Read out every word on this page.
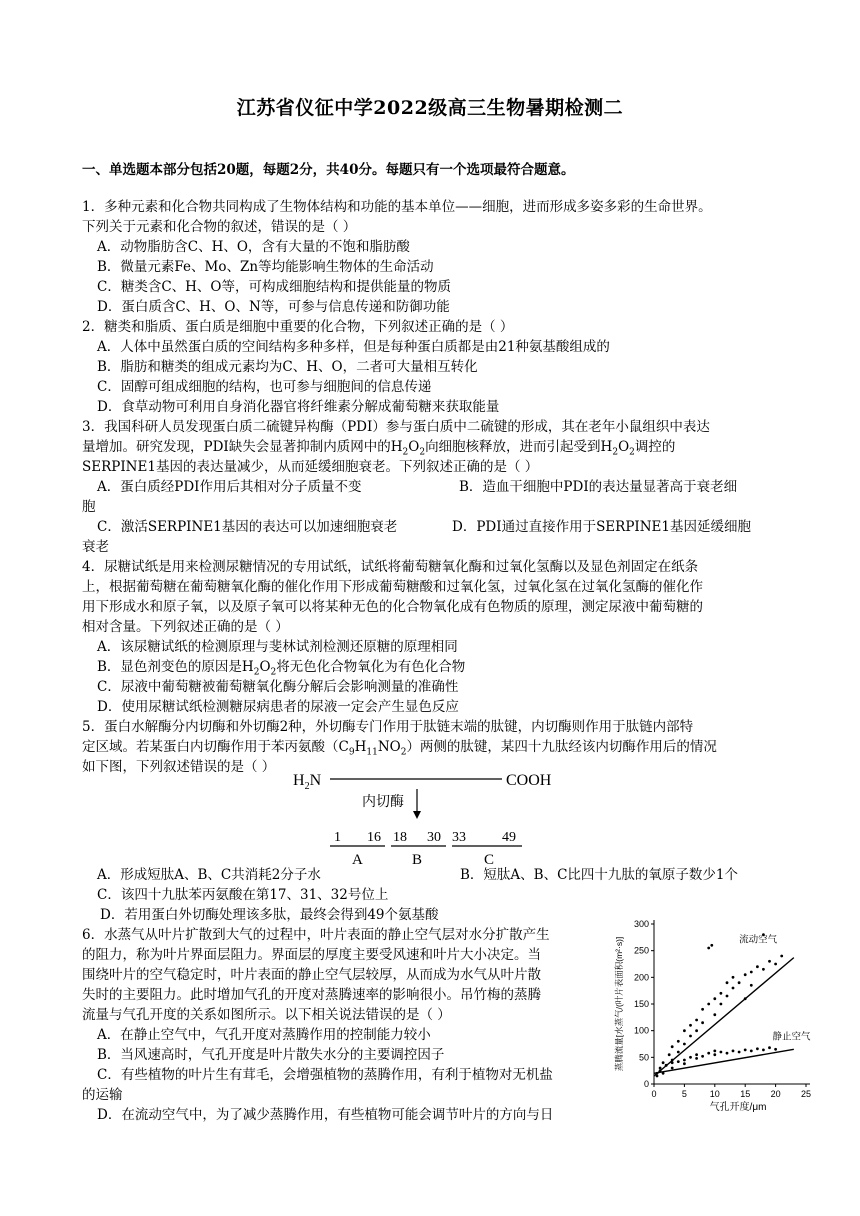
江苏省仪征中学2022级高三生物暑期检测二
一、单选题本部分包括20题，每题2分，共40分。每题只有一个选项最符合题意。
1．多种元素和化合物共同构成了生物体结构和功能的基本单位——细胞，进而形成多姿多彩的生命世界。
下列关于元素和化合物的叙述，错误的是（ ）
A．动物脂肪含C、H、O，含有大量的不饱和脂肪酸
B．微量元素Fe、Mo、Zn等均能影响生物体的生命活动
C．糖类含C、H、O等，可构成细胞结构和提供能量的物质
D．蛋白质含C、H、O、N等，可参与信息传递和防御功能
2．糖类和脂质、蛋白质是细胞中重要的化合物，下列叙述正确的是（ ）
A．人体中虽然蛋白质的空间结构多种多样，但是每种蛋白质都是由21种氨基酸组成的
B．脂肪和糖类的组成元素均为C、H、O，二者可大量相互转化
C．固醇可组成细胞的结构，也可参与细胞间的信息传递
D．食草动物可利用自身消化器官将纤维素分解成葡萄糖来获取能量
3．我国科研人员发现蛋白质二硫键异构酶（PDI）参与蛋白质中二硫键的形成，其在老年小鼠组织中表达
量增加。研究发现，PDI缺失会显著抑制内质网中的$H_2O_2$向细胞核释放，进而引起受到$H_2O_2$调控的
SERPINE1基因的表达量减少，从而延缓细胞衰老。下列叙述正确的是（ ）
A．蛋白质经PDI作用后其相对分子质量不变	B．造血干细胞中PDI的表达量显著高于衰老细
胞
C．激活SERPINE1基因的表达可以加速细胞衰老	D．PDI通过直接作用于SERPINE1基因延缓细胞
衰老
4．尿糖试纸是用来检测尿糖情况的专用试纸，试纸将葡萄糖氧化酶和过氧化氢酶以及显色剂固定在纸条
上，根据葡萄糖在葡萄糖氧化酶的催化作用下形成葡萄糖酸和过氧化氢，过氧化氢在过氧化氢酶的催化作
用下形成水和原子氧，以及原子氧可以将某种无色的化合物氧化成有色物质的原理，测定尿液中葡萄糖的
相对含量。下列叙述正确的是（ ）
A．该尿糖试纸的检测原理与斐林试剂检测还原糖的原理相同
B．显色剂变色的原因是$H_2O_2$将无色化合物氧化为有色化合物
C．尿液中葡萄糖被葡萄糖氧化酶分解后会影响测量的准确性
D．使用尿糖试纸检测糖尿病患者的尿液一定会产生显色反应
5．蛋白水解酶分内切酶和外切酶2种，外切酶专门作用于肽链末端的肽键，内切酶则作用于肽链内部特
定区域。若某蛋白内切酶作用于苯丙氨酸$(C_9H_{11}NO_2)$两侧的肽键，某四十九肽经该内切酶作用后的情况
如下图，下列叙述错误的是（ ）
$H_2N$	COOH
内切酶
1 16 18 30 33	49
A	B	C
A．形成短肽A、B、C共消耗2分子水	B．短肽A、B、C比四十九肽的氧原子数少1个
C．该四十九肽苯丙氨酸在第17、31、32号位上
D．若用蛋白外切酶处理该多肽，最终会得到49个氨基酸
6．水蒸气从叶片扩散到大气的过程中，叶片表面的静止空气层对水分扩散产生
的阻力，称为叶片界面层阻力。界面层的厚度主要受风速和叶片大小决定。当
围绕叶片的空气稳定时，叶片表面的静止空气层较厚，从而成为水气从叶片散
失时的主要阻力。此时增加气孔的开度对蒸腾速率的影响很小。吊竹梅的蒸腾
流量与气孔开度的关系如图所示。以下相关说法错误的是（ ）
A．在静止空气中，气孔开度对蒸腾作用的控制能力较小
B．当风速高时，气孔开度是叶片散失水分的主要调控因子
C．有些植物的叶片生有茸毛，会增强植物的蒸腾作用，有利于植物对无机盐
的运输
D．在流动空气中，为了减少蒸腾作用，有些植物可能会调节叶片的方向与日
0	5	10 15 20 25
0
50
100
150
200
250
300
气孔开度/μm
蒸腾流量[水蒸气/(叶片表面积(m²·s)]	流动空气
静止空气
